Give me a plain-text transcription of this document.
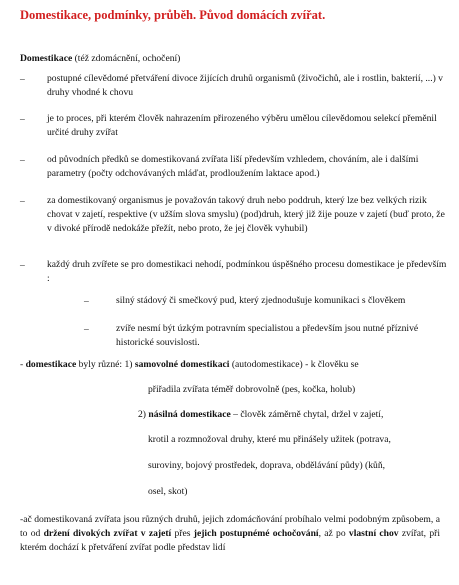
Domestikace, podmínky, průběh. Původ domácích zvířat.
Domestikace (též zdomácnění, ochočení)
– postupné cílevědomé přetváření divoce žijících druhů organismů (živočichů, ale i rostlin, bakterií, ...) v druhy vhodné k chovu
– je to proces, při kterém člověk nahrazením přirozeného výběru umělou cílevědomou selekcí přeměnil určité druhy zvířat
– od původních předků se domestikovaná zvířata liší především vzhledem, chováním, ale i dalšími parametry (počty odchovávaných mláďat, prodloužením laktace apod.)
– za domestikovaný organismus je považován takový druh nebo poddruh, který lze bez velkých rizik chovat v zajetí, respektive (v užším slova smyslu) (pod)druh, který již žije pouze v zajetí (buď proto, že v divoké přírodě nedokáže přežít, nebo proto, že jej člověk vyhubil)
– každý druh zvířete se pro domestikaci nehodí, podmínkou úspěšného procesu domestikace je především :
–	silný stádový či smečkový pud, který zjednodušuje komunikaci s člověkem
–	zvíře nesmí být úzkým potravním specialistou a především jsou nutné příznivé historické souvislosti.
- domestikace byly různé: 1) samovolné domestikaci (autodomestikace) - k člověku se
přiřadila zvířata téměř dobrovolně (pes, kočka, holub)
2) násilná domestikace – člověk záměrně chytal, držel v zajetí,
krotil a rozmnožoval druhy, které mu přinášely užitek (potrava,
suroviny, bojový prostředek, doprava, obdělávání půdy) (kůň,
osel, skot)
-ač domestikovaná zvířata jsou různých druhů, jejich zdomácňování probíhalo velmi podobným způsobem, a to od držení divokých zvířat v zajetí přes jejich postupnémé ochočování, až po vlastní chov zvířat, při kterém dochází k přetváření zvířat podle představ lidí
